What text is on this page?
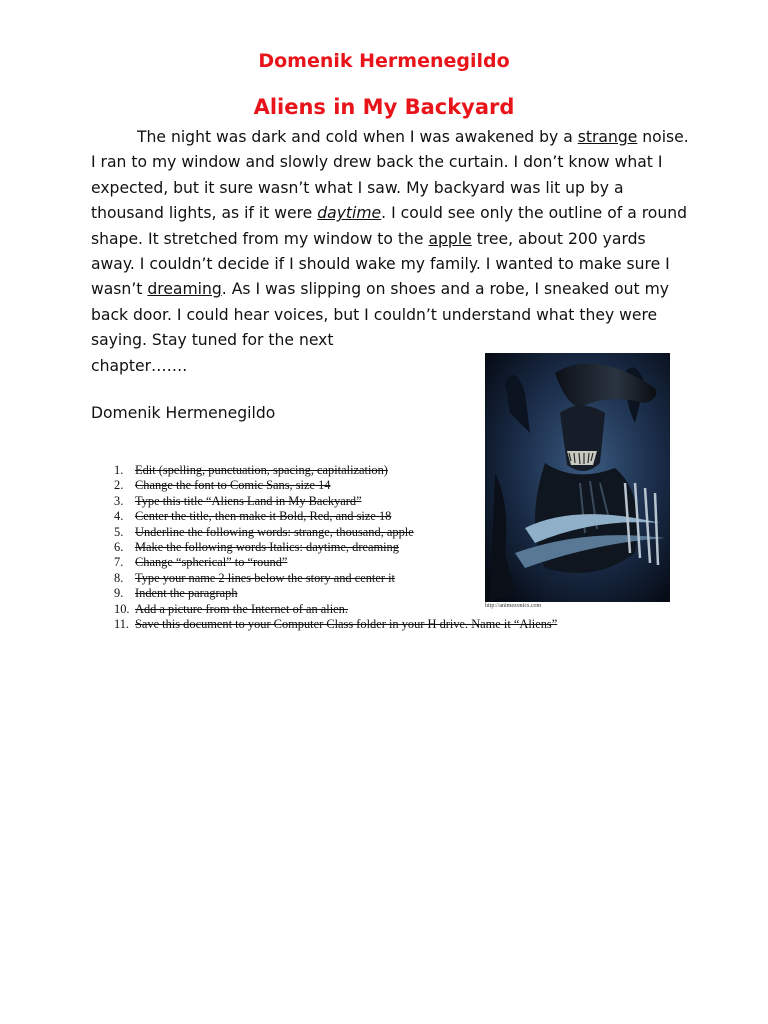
Domenik Hermenegildo
Aliens in My Backyard

The night was dark and cold when I was awakened by a strange noise. I ran to my window and slowly drew back the curtain. I don’t know what I expected, but it sure wasn’t what I saw. My backyard was lit up by a thousand lights, as if it were daytime. I could see only the outline of a round shape. It stretched from my window to the apple tree, about 200 yards away. I couldn’t decide if I should wake my family. I wanted to make sure I wasn’t dreaming. As I was slipping on shoes and a robe, I sneaked out my back door. I could hear voices, but I couldn’t understand what they were saying. Stay tuned for the next

chapter…….

Domenik Hermenegildo

http://animezonics.com

1. Edit (spelling, punctuation, spacing, capitalization)
2. Change the font to Comic Sans, size 14
3. Type this title “Aliens Land in My Backyard”
4. Center the title, then make it Bold, Red, and size 18
5. Underline the following words: strange, thousand, apple
6. Make the following words Italics: daytime, dreaming
7. Change “spherical” to “round”
8. Type your name 2 lines below the story and center it
9. Indent the paragraph
10. Add a picture from the Internet of an alien.
11. Save this document to your Computer Class folder in your H drive. Name it “Aliens”
